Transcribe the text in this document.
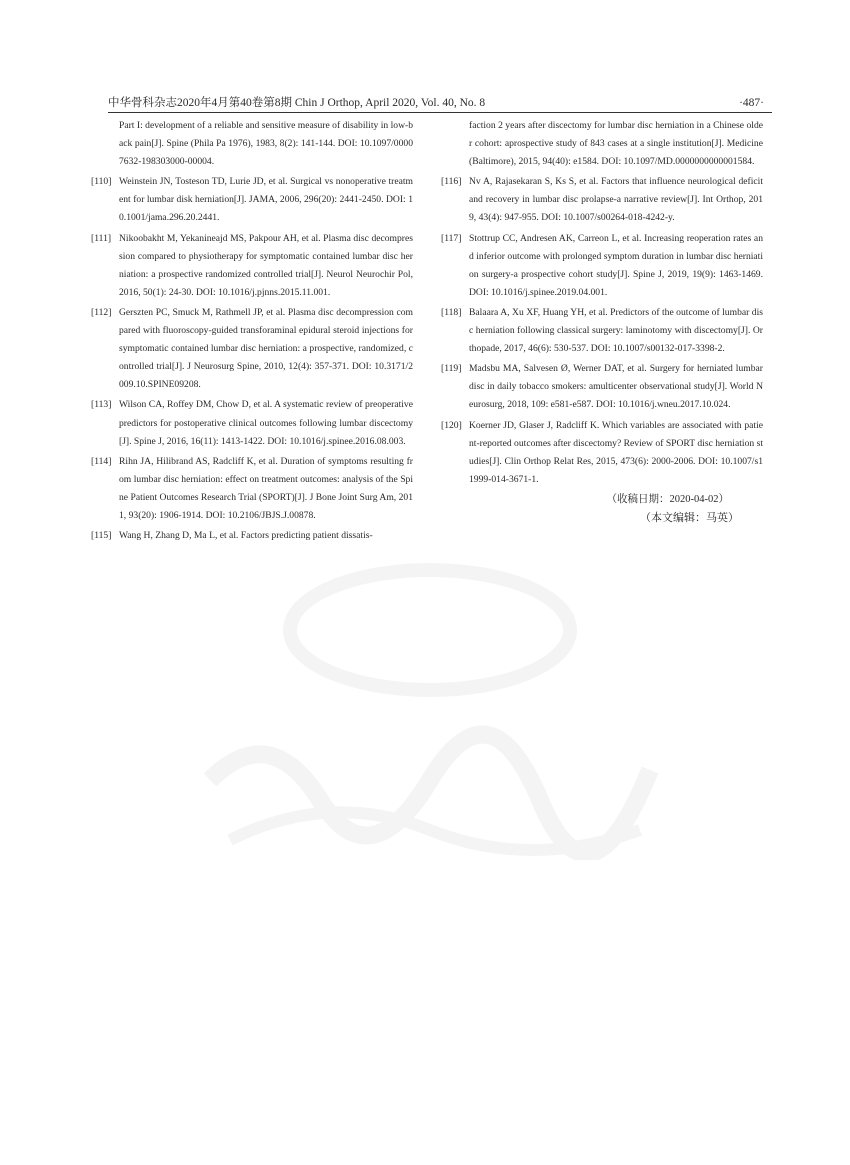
中华骨科杂志2020年4月第40卷第8期 Chin J Orthop, April 2020, Vol. 40, No. 8	·487·
Part I: development of a reliable and sensitive measure of disability in low-back pain[J]. Spine (Phila Pa 1976), 1983, 8(2): 141-144. DOI: 10.1097/00007632-198303000-00004.
[110] Weinstein JN, Tosteson TD, Lurie JD, et al. Surgical vs nonoperative treatment for lumbar disk herniation[J]. JAMA, 2006, 296(20): 2441-2450. DOI: 10.1001/jama.296.20.2441.
[111] Nikoobakht M, Yekanineajd MS, Pakpour AH, et al. Plasma disc decompression compared to physiotherapy for symptomatic contained lumbar disc herniation: a prospective randomized controlled trial[J]. Neurol Neurochir Pol, 2016, 50(1): 24-30. DOI: 10.1016/j.pjnns.2015.11.001.
[112] Gerszten PC, Smuck M, Rathmell JP, et al. Plasma disc decompression compared with fluoroscopy-guided transforaminal epidural steroid injections for symptomatic contained lumbar disc herniation: a prospective, randomized, controlled trial[J]. J Neurosurg Spine, 2010, 12(4): 357-371. DOI: 10.3171/2009.10.SPINE09208.
[113] Wilson CA, Roffey DM, Chow D, et al. A systematic review of preoperative predictors for postoperative clinical outcomes following lumbar discectomy[J]. Spine J, 2016, 16(11): 1413-1422. DOI: 10.1016/j.spinee.2016.08.003.
[114] Rihn JA, Hilibrand AS, Radcliff K, et al. Duration of symptoms resulting from lumbar disc herniation: effect on treatment outcomes: analysis of the Spine Patient Outcomes Research Trial (SPORT)[J]. J Bone Joint Surg Am, 2011, 93(20): 1906-1914. DOI: 10.2106/JBJS.J.00878.
[115] Wang H, Zhang D, Ma L, et al. Factors predicting patient dissatis-
faction 2 years after discectomy for lumbar disc herniation in a Chinese older cohort: aprospective study of 843 cases at a single institution[J]. Medicine (Baltimore), 2015, 94(40): e1584. DOI: 10.1097/MD.0000000000001584.
[116] Nv A, Rajasekaran S, Ks S, et al. Factors that influence neurological deficit and recovery in lumbar disc prolapse-a narrative review[J]. Int Orthop, 2019, 43(4): 947-955. DOI: 10.1007/s00264-018-4242-y.
[117] Stottrup CC, Andresen AK, Carreon L, et al. Increasing reoperation rates and inferior outcome with prolonged symptom duration in lumbar disc herniation surgery-a prospective cohort study[J]. Spine J, 2019, 19(9): 1463-1469. DOI: 10.1016/j.spinee.2019.04.001.
[118] Balaara A, Xu XF, Huang YH, et al. Predictors of the outcome of lumbar disc herniation following classical surgery: laminotomy with discectomy[J]. Orthopade, 2017, 46(6): 530-537. DOI: 10.1007/s00132-017-3398-2.
[119] Madsbu MA, Salvesen Ø, Werner DAT, et al. Surgery for herniated lumbar disc in daily tobacco smokers: amulticenter observational study[J]. World Neurosurg, 2018, 109: e581-e587. DOI: 10.1016/j.wneu.2017.10.024.
[120] Koerner JD, Glaser J, Radcliff K. Which variables are associated with patient-reported outcomes after discectomy? Review of SPORT disc herniation studies[J]. Clin Orthop Relat Res, 2015, 473(6): 2000-2006. DOI: 10.1007/s11999-014-3671-1.
（收稿日期：2020-04-02）
（本文编辑：马英）
